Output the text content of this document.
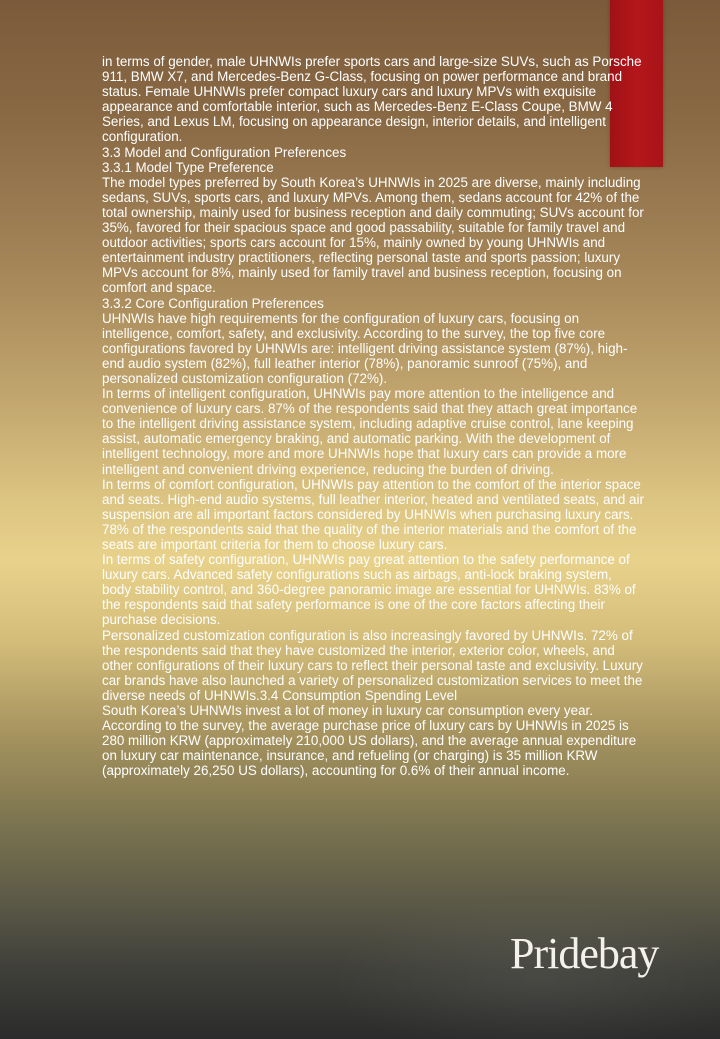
in terms of gender, male UHNWIs prefer sports cars and large-size SUVs, such as Porsche 911, BMW X7, and Mercedes-Benz G-Class, focusing on power performance and brand status. Female UHNWIs prefer compact luxury cars and luxury MPVs with exquisite appearance and comfortable interior, such as Mercedes-Benz E-Class Coupe, BMW 4 Series, and Lexus LM, focusing on appearance design, interior details, and intelligent configuration.

3.3 Model and Configuration Preferences

3.3.1 Model Type Preference

The model types preferred by South Korea’s UHNWIs in 2025 are diverse, mainly including sedans, SUVs, sports cars, and luxury MPVs. Among them, sedans account for 42% of the total ownership, mainly used for business reception and daily commuting; SUVs account for 35%, favored for their spacious space and good passability, suitable for family travel and outdoor activities; sports cars account for 15%, mainly owned by young UHNWIs and entertainment industry practitioners, reflecting personal taste and sports passion; luxury MPVs account for 8%, mainly used for family travel and business reception, focusing on comfort and space.

3.3.2 Core Configuration Preferences

UHNWIs have high requirements for the configuration of luxury cars, focusing on intelligence, comfort, safety, and exclusivity. According to the survey, the top five core configurations favored by UHNWIs are: intelligent driving assistance system (87%), high-end audio system (82%), full leather interior (78%), panoramic sunroof (75%), and personalized customization configuration (72%).

In terms of intelligent configuration, UHNWIs pay more attention to the intelligence and convenience of luxury cars. 87% of the respondents said that they attach great importance to the intelligent driving assistance system, including adaptive cruise control, lane keeping assist, automatic emergency braking, and automatic parking. With the development of intelligent technology, more and more UHNWIs hope that luxury cars can provide a more intelligent and convenient driving experience, reducing the burden of driving.

In terms of comfort configuration, UHNWIs pay attention to the comfort of the interior space and seats. High-end audio systems, full leather interior, heated and ventilated seats, and air suspension are all important factors considered by UHNWIs when purchasing luxury cars. 78% of the respondents said that the quality of the interior materials and the comfort of the seats are important criteria for them to choose luxury cars.

In terms of safety configuration, UHNWIs pay great attention to the safety performance of luxury cars. Advanced safety configurations such as airbags, anti-lock braking system, body stability control, and 360-degree panoramic image are essential for UHNWIs. 83% of the respondents said that safety performance is one of the core factors affecting their purchase decisions.

Personalized customization configuration is also increasingly favored by UHNWIs. 72% of the respondents said that they have customized the interior, exterior color, wheels, and other configurations of their luxury cars to reflect their personal taste and exclusivity. Luxury car brands have also launched a variety of personalized customization services to meet the diverse needs of UHNWIs.3.4 Consumption Spending Level

South Korea’s UHNWIs invest a lot of money in luxury car consumption every year. According to the survey, the average purchase price of luxury cars by UHNWIs in 2025 is 280 million KRW (approximately 210,000 US dollars), and the average annual expenditure on luxury car maintenance, insurance, and refueling (or charging) is 35 million KRW (approximately 26,250 US dollars), accounting for 0.6% of their annual income.

Pridebay
